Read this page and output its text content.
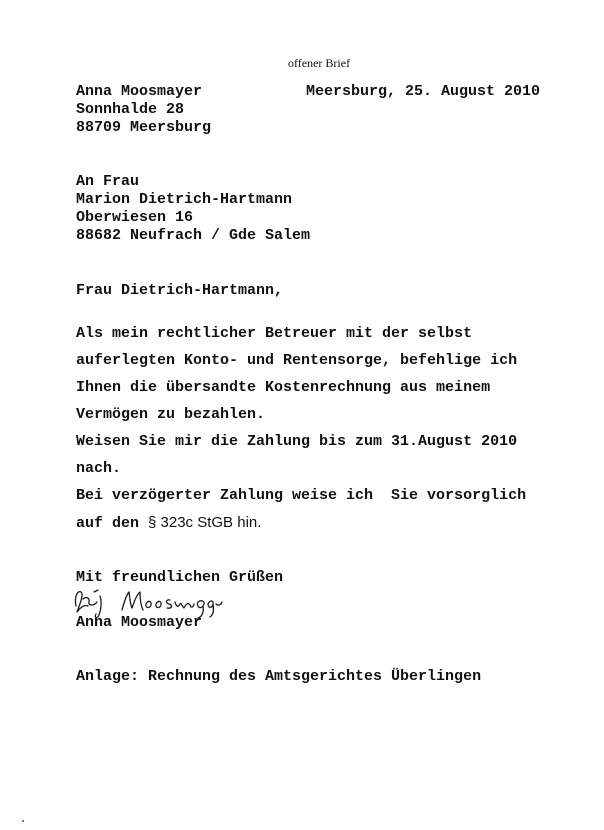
offener Brief
Anna Moosmayer	Meersburg, 25. August 2010
Sonnhalde 28
88709 Meersburg
An Frau
Marion Dietrich-Hartmann
Oberwiesen 16
88682 Neufrach / Gde Salem
Frau Dietrich-Hartmann,
Als mein rechtlicher Betreuer mit der selbst
auferlegten Konto- und Rentensorge, befehlige ich
Ihnen die übersandte Kostenrechnung aus meinem
Vermögen zu bezahlen.
Weisen Sie mir die Zahlung bis zum 31.August 2010
nach.
Bei verzögerter Zahlung weise ich  Sie vorsorglich
auf den § 323c StGB hin.
Mit freundlichen Grüßen
Anna Moosmayer
Anlage: Rechnung des Amtsgerichtes Überlingen
